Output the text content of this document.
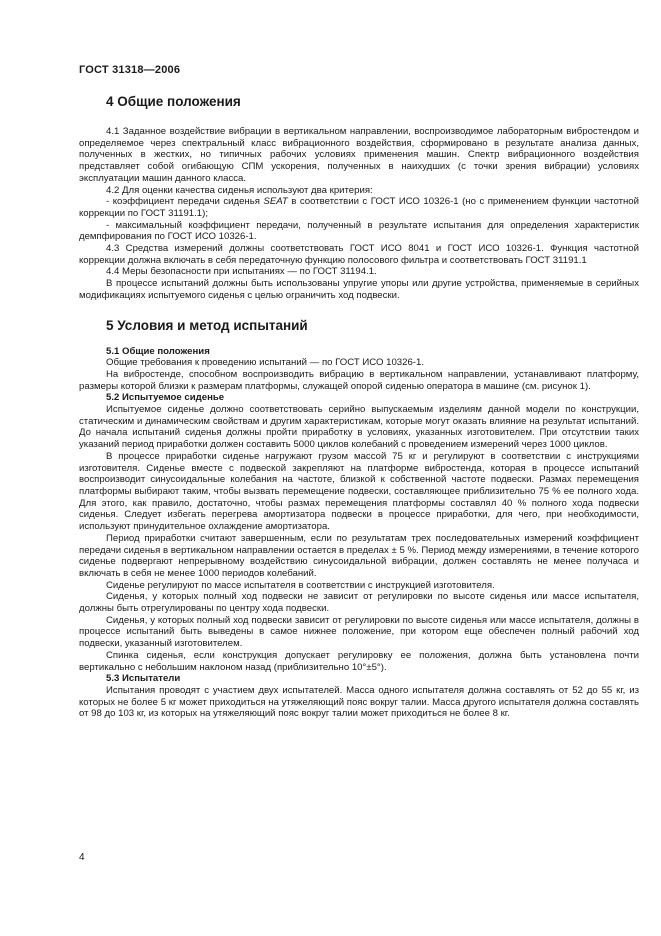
ГОСТ 31318—2006
4 Общие положения

4.1 Заданное воздействие вибрации в вертикальном направлении, воспроизводимое лабораторным вибростендом и определяемое через спектральный класс вибрационного воздействия, сформировано в результате анализа данных, полученных в жестких, но типичных рабочих условиях применения машин. Спектр вибрационного воздействия представляет собой огибающую СПМ ускорения, полученных в наихудших (с точки зрения вибрации) условиях эксплуатации машин данного класса.

4.2 Для оценки качества сиденья используют два критерия:

- коэффициент передачи сиденья SEAT в соответствии с ГОСТ ИСО 10326-1 (но с применением функции частотной коррекции по ГОСТ 31191.1);

- максимальный коэффициент передачи, полученный в результате испытания для определения характеристик демпфирования по ГОСТ ИСО 10326-1.

4.3 Средства измерений должны соответствовать ГОСТ ИСО 8041 и ГОСТ ИСО 10326-1. Функция частотной коррекции должна включать в себя передаточную функцию полосового фильтра и соответствовать ГОСТ 31191.1

4.4 Меры безопасности при испытаниях — по ГОСТ 31194.1.

В процессе испытаний должны быть использованы упругие упоры или другие устройства, применяемые в серийных модификациях испытуемого сиденья с целью ограничить ход подвески.

5 Условия и метод испытаний
5.1 Общие положения

Общие требования к проведению испытаний — по ГОСТ ИСО 10326-1.

На вибростенде, способном воспроизводить вибрацию в вертикальном направлении, устанавливают платформу, размеры которой близки к размерам платформы, служащей опорой сиденью оператора в машине (см. рисунок 1).

5.2 Испытуемое сиденье

Испытуемое сиденье должно соответствовать серийно выпускаемым изделиям данной модели по конструкции, статическим и динамическим свойствам и другим характеристикам, которые могут оказать влияние на результат испытаний. До начала испытаний сиденья должны пройти приработку в условиях, указанных изготовителем. При отсутствии таких указаний период приработки должен составить 5000 циклов колебаний с проведением измерений через 1000 циклов.

В процессе приработки сиденье нагружают грузом массой 75 кг и регулируют в соответствии с инструкциями изготовителя. Сиденье вместе с подвеской закрепляют на платформе вибростенда, которая в процессе испытаний воспроизводит синусоидальные колебания на частоте, близкой к собственной частоте подвески. Размах перемещения платформы выбирают таким, чтобы вызвать перемещение подвески, составляющее приблизительно 75 % ее полного хода. Для этого, как правило, достаточно, чтобы размах перемещения платформы составлял 40 % полного хода подвески сиденья. Следует избегать перегрева амортизатора подвески в процессе приработки, для чего, при необходимости, используют принудительное охлаждение амортизатора.

Период приработки считают завершенным, если по результатам трех последовательных измерений коэффициент передачи сиденья в вертикальном направлении остается в пределах ± 5 %. Период между измерениями, в течение которого сиденье подвергают непрерывному воздействию синусоидальной вибрации, должен составлять не менее получаса и включать в себя не менее 1000 периодов колебаний.

Сиденье регулируют по массе испытателя в соответствии с инструкцией изготовителя.

Сиденья, у которых полный ход подвески не зависит от регулировки по высоте сиденья или массе испытателя, должны быть отрегулированы по центру хода подвески.

Сиденья, у которых полный ход подвески зависит от регулировки по высоте сиденья или массе испытателя, должны в процессе испытаний быть выведены в самое нижнее положение, при котором еще обеспечен полный рабочий ход подвески, указанный изготовителем.

Спинка сиденья, если конструкция допускает регулировку ее положения, должна быть установлена почти вертикально с небольшим наклоном назад (приблизительно 10°±5°).

5.3 Испытатели

Испытания проводят с участием двух испытателей. Масса одного испытателя должна составлять от 52 до 55 кг, из которых не более 5 кг может приходиться на утяжеляющий пояс вокруг талии. Масса другого испытателя должна составлять от 98 до 103 кг, из которых на утяжеляющий пояс вокруг талии может приходиться не более 8 кг.

4
